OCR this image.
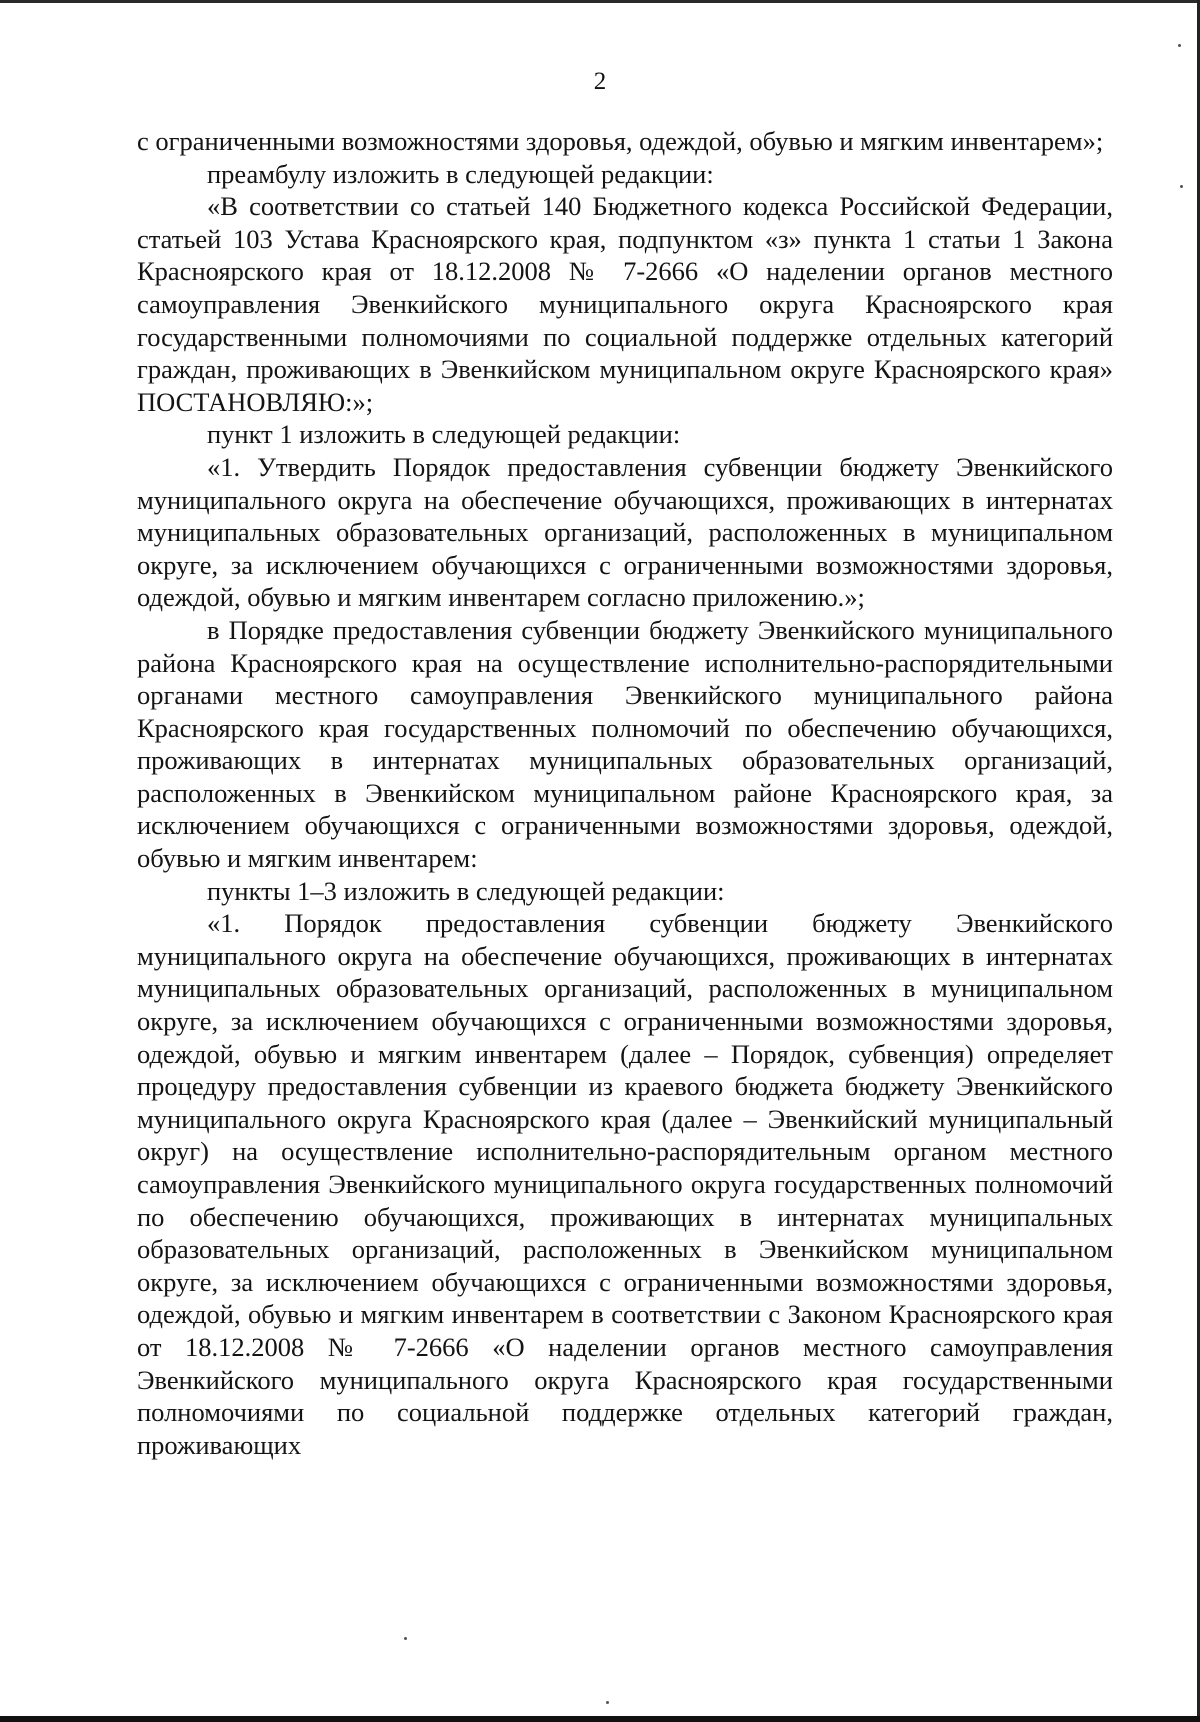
2

с ограниченными возможностями здоровья, одеждой, обувью и мягким инвентарем»;

преамбулу изложить в следующей редакции:

«В соответствии со статьей 140 Бюджетного кодекса Российской Федерации, статьей 103 Устава Красноярского края, подпунктом «з» пункта 1 статьи 1 Закона Красноярского края от 18.12.2008 № 7-2666 «О наделении органов местного самоуправления Эвенкийского муниципального округа Красноярского края государственными полномочиями по социальной поддержке отдельных категорий граждан, проживающих в Эвенкийском муниципальном округе Красноярского края» ПОСТАНОВЛЯЮ:»;

пункт 1 изложить в следующей редакции:

«1. Утвердить Порядок предоставления субвенции бюджету Эвенкийского муниципального округа на обеспечение обучающихся, проживающих в интернатах муниципальных образовательных организаций, расположенных в муниципальном округе, за исключением обучающихся с ограниченными возможностями здоровья, одеждой, обувью и мягким инвентарем согласно приложению.»;

в Порядке предоставления субвенции бюджету Эвенкийского муниципального района Красноярского края на осуществление исполнительно-распорядительными органами местного самоуправления Эвенкийского муниципального района Красноярского края государственных полномочий по обеспечению обучающихся, проживающих в интернатах муниципальных образовательных организаций, расположенных в Эвенкийском муниципальном районе Красноярского края, за исключением обучающихся с ограниченными возможностями здоровья, одеждой, обувью и мягким инвентарем:

пункты 1–3 изложить в следующей редакции:

«1. Порядок предоставления субвенции бюджету Эвенкийского муниципального округа на обеспечение обучающихся, проживающих в интернатах муниципальных образовательных организаций, расположенных в муниципальном округе, за исключением обучающихся с ограниченными возможностями здоровья, одеждой, обувью и мягким инвентарем (далее – Порядок, субвенция) определяет процедуру предоставления субвенции из краевого бюджета бюджету Эвенкийского муниципального округа Красноярского края (далее – Эвенкийский муниципальный округ) на осуществление исполнительно-распорядительным органом местного самоуправления Эвенкийского муниципального округа государственных полномочий по обеспечению обучающихся, проживающих в интернатах муниципальных образовательных организаций, расположенных в Эвенкийском муниципальном округе, за исключением обучающихся с ограниченными возможностями здоровья, одеждой, обувью и мягким инвентарем в соответствии с Законом Красноярского края от 18.12.2008 № 7-2666 «О наделении органов местного самоуправления Эвенкийского муниципального округа Красноярского края государственными полномочиями по социальной поддержке отдельных категорий граждан, проживающих
